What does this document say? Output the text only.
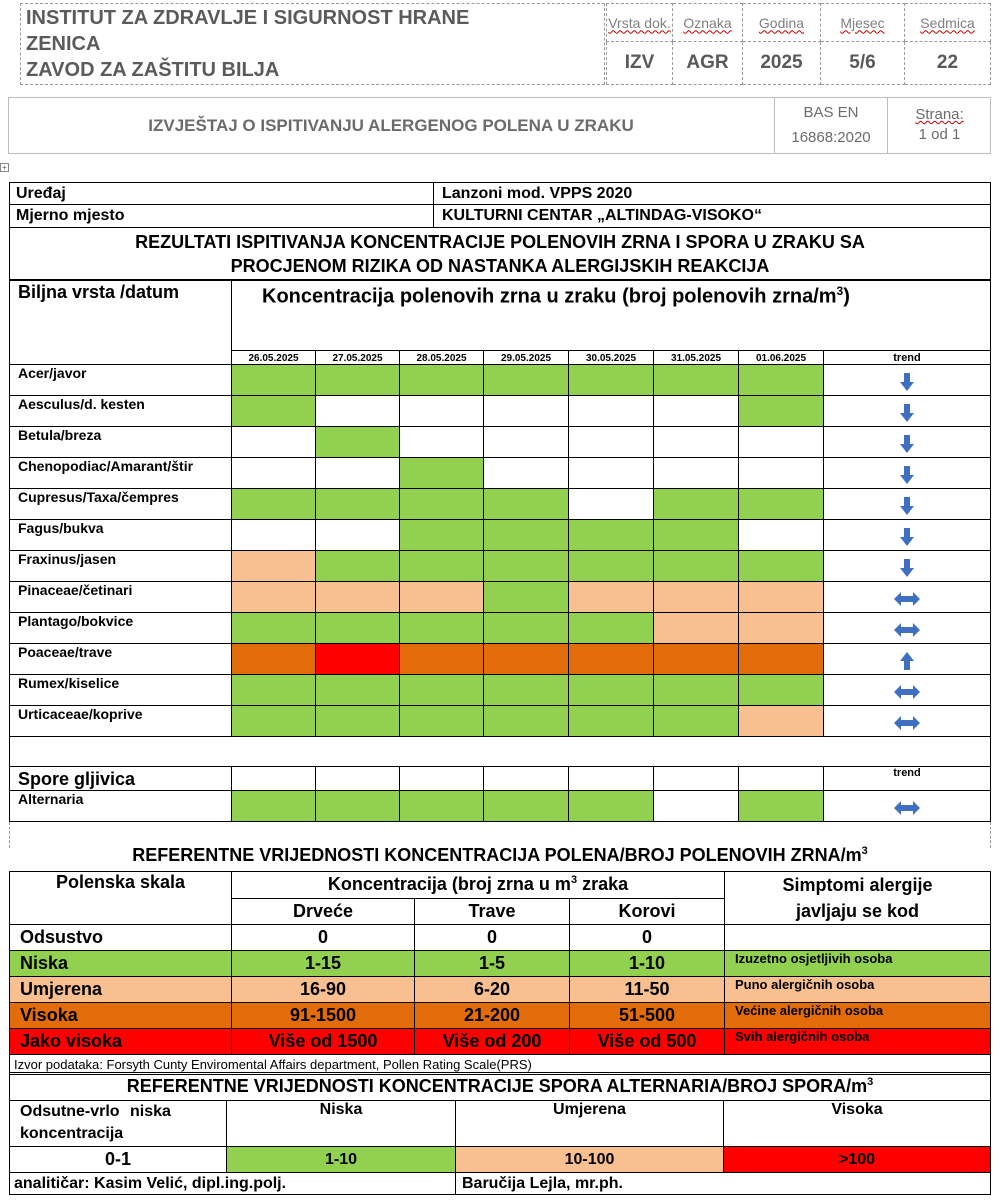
INSTITUT ZA ZDRAVLJE I SIGURNOST HRANE
ZENICA
ZAVOD ZA ZAŠTITU BILJA
Vrsta dok.	Oznaka	Godina	Mjesec	Sedmica
IZV	AGR	2025	5/6	22
IZVJEŠTAJ O ISPITIVANJU ALERGENOG POLENA U ZRAKU
BAS EN
16868:2020
Strana:
1 od 1
+
Uređaj	Lanzoni mod. VPPS 2020
Mjerno mjesto	KULTURNI CENTAR „ALTINDAG-VISOKO“

REZULTATI ISPITIVANJA KONCENTRACIJE POLENOVIH ZRNA I SPORA U ZRAKU SA
PROCJENOM RIZIKA OD NASTANKA ALERGIJSKIH REAKCIJA	
Biljna vrsta /datum	Koncentracija polenovih zrna u zraku (broj polenovih zrna/$m^3$)							
	26.05.2025	27.05.2025	28.05.2025	29.05.2025	30.05.2025	31.05.2025	01.06.2025	trend
Acer/javor								

Aesculus/d. kesten								

Betula/breza								

Chenopodiac/Amarant/štir								

Cupresus/Taxa/čempres								

Fagus/bukva								

Fraxinus/jasen								

Pinaceae/četinari								

Plantago/bokvice								

Poaceae/trave								

Rumex/kiselice								

Urticaceae/koprive								

Spore gljivica								trend
Alternaria								
REFERENTNE VRIJEDNOSTI KONCENTRACIJA POLENA/BROJ POLENOVIH ZRNA/$m^3$
Polenska skala	Koncentracija (broj zrna u $m^3$ zraka			Simptomi alergije
javljaju se kod

	Drveće	Trave	Korovi	
Odsustvo	0	0	0	
Niska	1-15	1-5	1-10	Izuzetno osjetljivih osoba
Umjerena	16-90	6-20	11-50	Puno alergičnih osoba
Visoka	91-1500	21-200	51-500	Većine alergičnih osoba
Jako visoka	Više od 1500	Više od 200	Više od 500	Svih alergičnih osoba
Izvor podataka: Forsyth Cunty Enviromental Affairs department, Pollen Rating Scale(PRS)				
REFERENTNE VRIJEDNOSTI KONCENTRACIJE SPORA ALTERNARIA/BROJ SPORA/$m^3$

Odsutne-vrlo niska
koncentracija	Niska	Umjerena	Visoka
0-1	1-10	10-100	>100
analitičar: Kasim Velić, dipl.ing.polj.		Baručija Lejla, mr.ph.	
